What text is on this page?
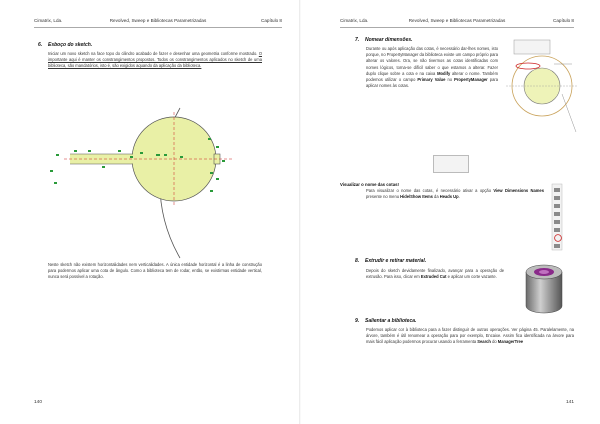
Cimatrix, Lda.	Revolved, Sweep e Bibliotecas Parametrizadas	Capítulo 8
6. Esboço do sketch.
Iniciar um novo sketch na face topo do cilindro acabado de fazer e desenhar uma geometria conforme mostrado. O importante aqui é manter os constrangimentos propostos. Todos os constrangimentos aplicados no sketch de uma biblioteca, são mandatórios, isto é, são exigidos aquando da aplicação da biblioteca.
Neste sketch não existem horizontalidades nem verticalidades. A única entidade horizontal é a linha de construção para podermos aplicar uma cota de ângulo. Como a biblioteca tem de rodar, então, se existirmas entidade vertical, nunca será possível a rotação.
140
Cimatrix, Lda.	Revolved, Sweep e Bibliotecas Parametrizadas	Capítulo 8
7. Nomear dimensões.
Durante ou após aplicação das cotas, é necessário dar-lhes nomes, isto porque, no PropertyManager da biblioteca existe um campo próprio para alterar os valores. Ora, se não tivermos as cotas identificadas com nomes lógicos, torna-se difícil saber o que estamos a alterar. Fazer duplo clique sobre a cota e na caixa Modify alterar o nome. Também podemos utilizar o campo Primary Value no PropertyManager para aplicar nomes às cotas.
Visualizar o nome das cotas!
Para visualizar o nome das cotas, é necessário ativar a opção View Dimensions Names presente no menu Hide/Show Items da Heads Up.
8. Extrudir e retirar material.
Depois do sketch devidamente finalizado, avançar para a operação de extrusão. Para isso, clicar em Extruded Cut e aplicar um corte vazante.
9. Salientar a biblioteca.
Podemos aplicar cor à biblioteca para a fazer distinguir de outras operações. Ver página 45. Paralelamente, na árvore, também é útil renomear a operação para por exemplo, Encaixe. Assim fica identificada na árvore para mais fácil aplicação podermos procurar usando a ferramenta Search do ManagerTree
141
